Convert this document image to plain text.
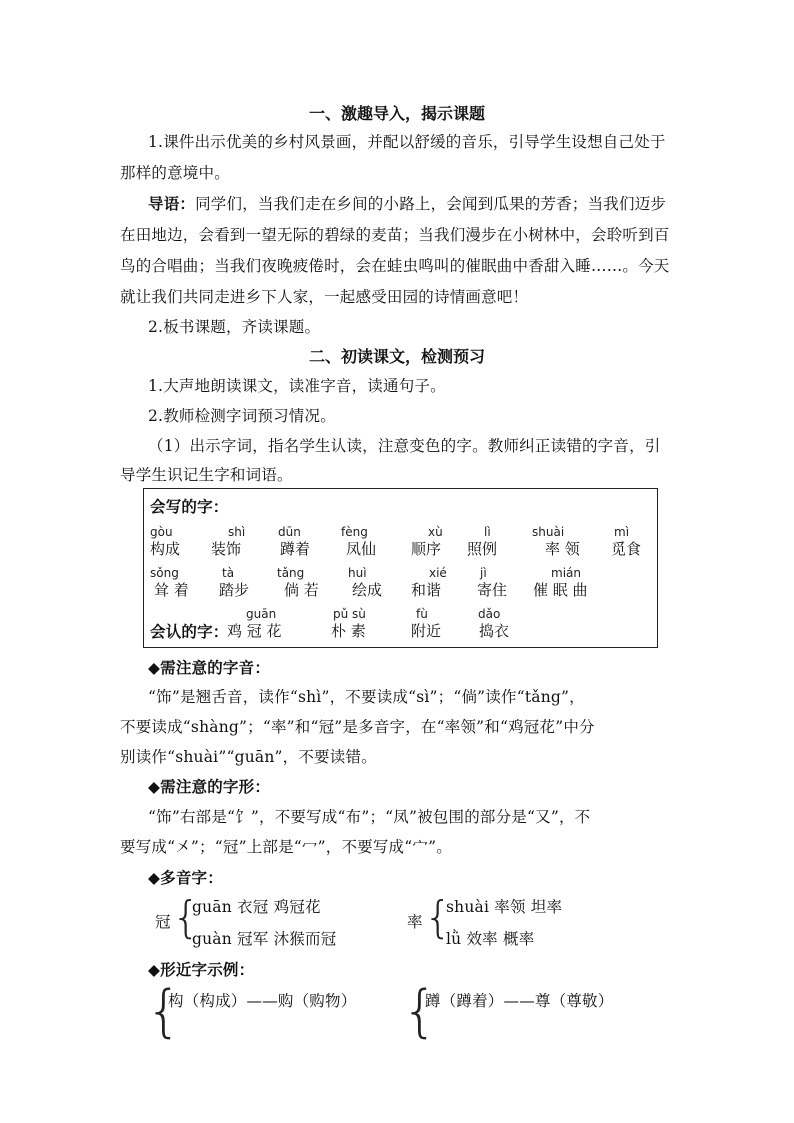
一、激趣导入，揭示课题
1.课件出示优美的乡村风景画，并配以舒缓的音乐，引导学生设想自己处于
那样的意境中。
导语：同学们，当我们走在乡间的小路上，会闻到瓜果的芳香；当我们迈步
在田地边，会看到一望无际的碧绿的麦苗；当我们漫步在小树林中，会聆听到百
鸟的合唱曲；当我们夜晚疲倦时，会在蛙虫鸣叫的催眠曲中香甜入睡……。今天
就让我们共同走进乡下人家，一起感受田园的诗情画意吧！
2.板书课题，齐读课题。
二、初读课文，检测预习
1.大声地朗读课文，读准字音，读通句子。
2.教师检测字词预习情况。
（1）出示字词，指名学生认读，注意变色的字。教师纠正读错的字音，引
导学生识记生字和词语。
会写的字：
gòu
构成
shì
装饰
dūn
蹲着
fèng
凤仙
xù
顺序
lì
照例
shuài
率 领
mì
觅食
sǒng
耸 着
tà
踏步
tǎng
倘 若
huì
绘成
xié
和谐
jì
寄住
mián
催 眠 曲
会认的字：
guān
鸡 冠 花
pǔ sù
朴 素
fù
附近
dǎo
捣衣
◆需注意的字音：
“饰”是翘舌音，读作“shì”，不要读成“sì”；“倘”读作“tǎng”，
不要读成“shàng”；“率”和“冠”是多音字，在“率领”和“鸡冠花”中分
别读作“shuài”“guān”，不要读错。
◆需注意的字形：
“饰”右部是“饣”，不要写成“布”；“凤”被包围的部分是“又”，不
要写成“㐅”；“冠”上部是“冖”，不要写成“宀”。
◆多音字：
冠 {
guān 衣冠 鸡冠花
guàn 冠军 沐猴而冠
率 {
shuài 率领 坦率
lǜ 效率 概率
◆形近字示例：
{
构（构成）——购（购物） {
蹲（蹲着）——尊（尊敬）
